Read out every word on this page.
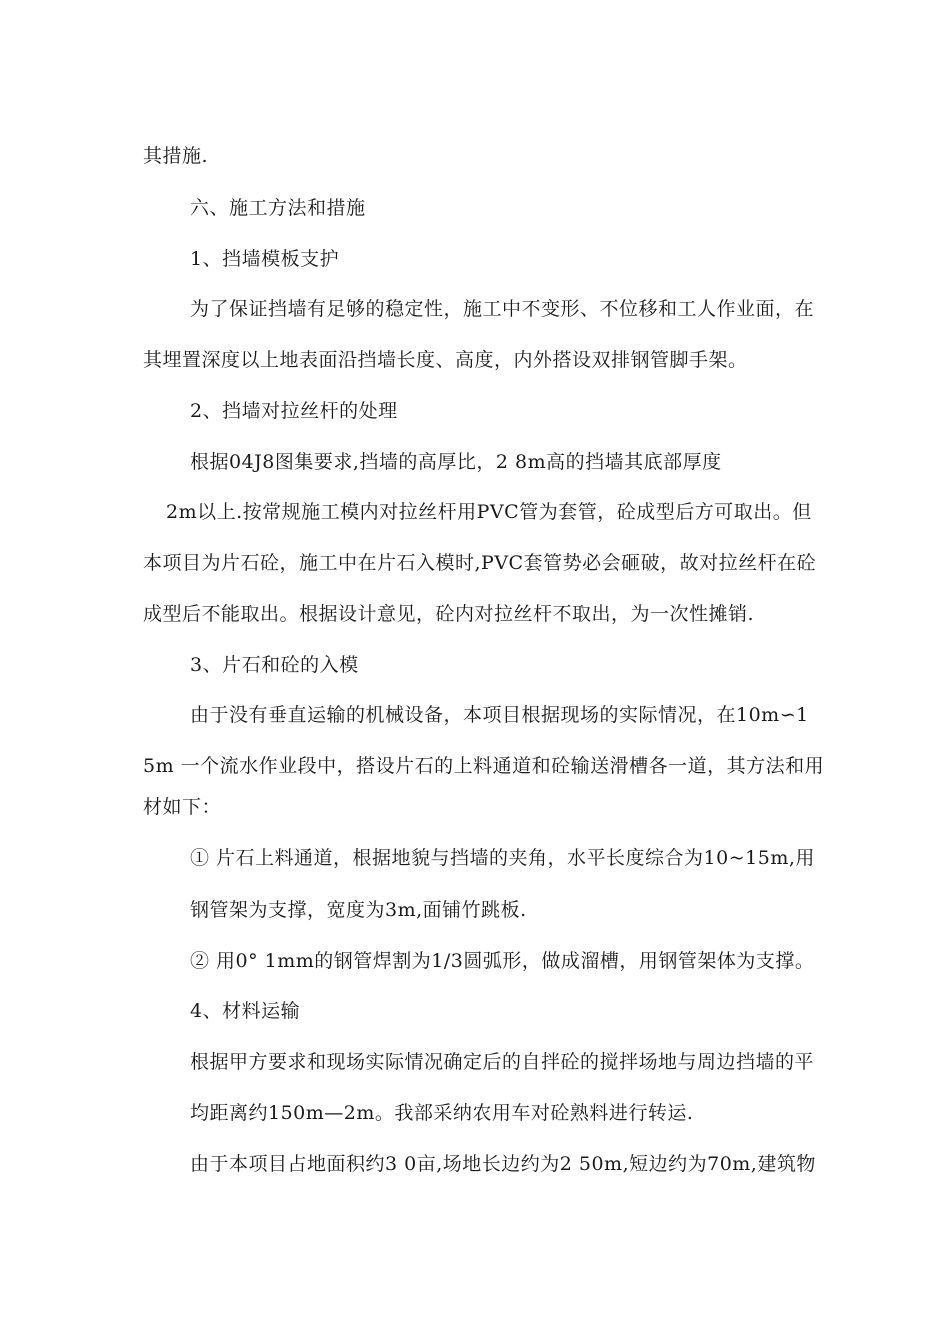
其措施.
六、施工方法和措施
1、挡墙模板支护
为了保证挡墙有足够的稳定性，施工中不变形、不位移和工人作业面，在
其埋置深度以上地表面沿挡墙长度、高度，内外搭设双排钢管脚手架。
2、挡墙对拉丝杆的处理
根据04J8图集要求,挡墙的高厚比，2 8m高的挡墙其底部厚度
2m以上.按常规施工模内对拉丝杆用PVC管为套管，砼成型后方可取出。但
本项目为片石砼，施工中在片石入模时,PVC套管势必会砸破，故对拉丝杆在砼
成型后不能取出。根据设计意见，砼内对拉丝杆不取出，为一次性摊销.
3、片石和砼的入模
由于没有垂直运输的机械设备，本项目根据现场的实际情况，在10m∽1
5m 一个流水作业段中，搭设片石的上料通道和砼输送滑槽各一道，其方法和用
材如下：
① 片石上料通道，根据地貌与挡墙的夹角，水平长度综合为10~15m,用
钢管架为支撑，宽度为3m,面铺竹跳板.
② 用0° 1mm的钢管焊割为1/3圆弧形，做成溜槽，用钢管架体为支撑。
4、材料运输
根据甲方要求和现场实际情况确定后的自拌砼的搅拌场地与周边挡墙的平
均距离约150m—2m。我部采纳农用车对砼熟料进行转运.
由于本项目占地面积约3 0亩,场地长边约为2 50m,短边约为70m,建筑物
